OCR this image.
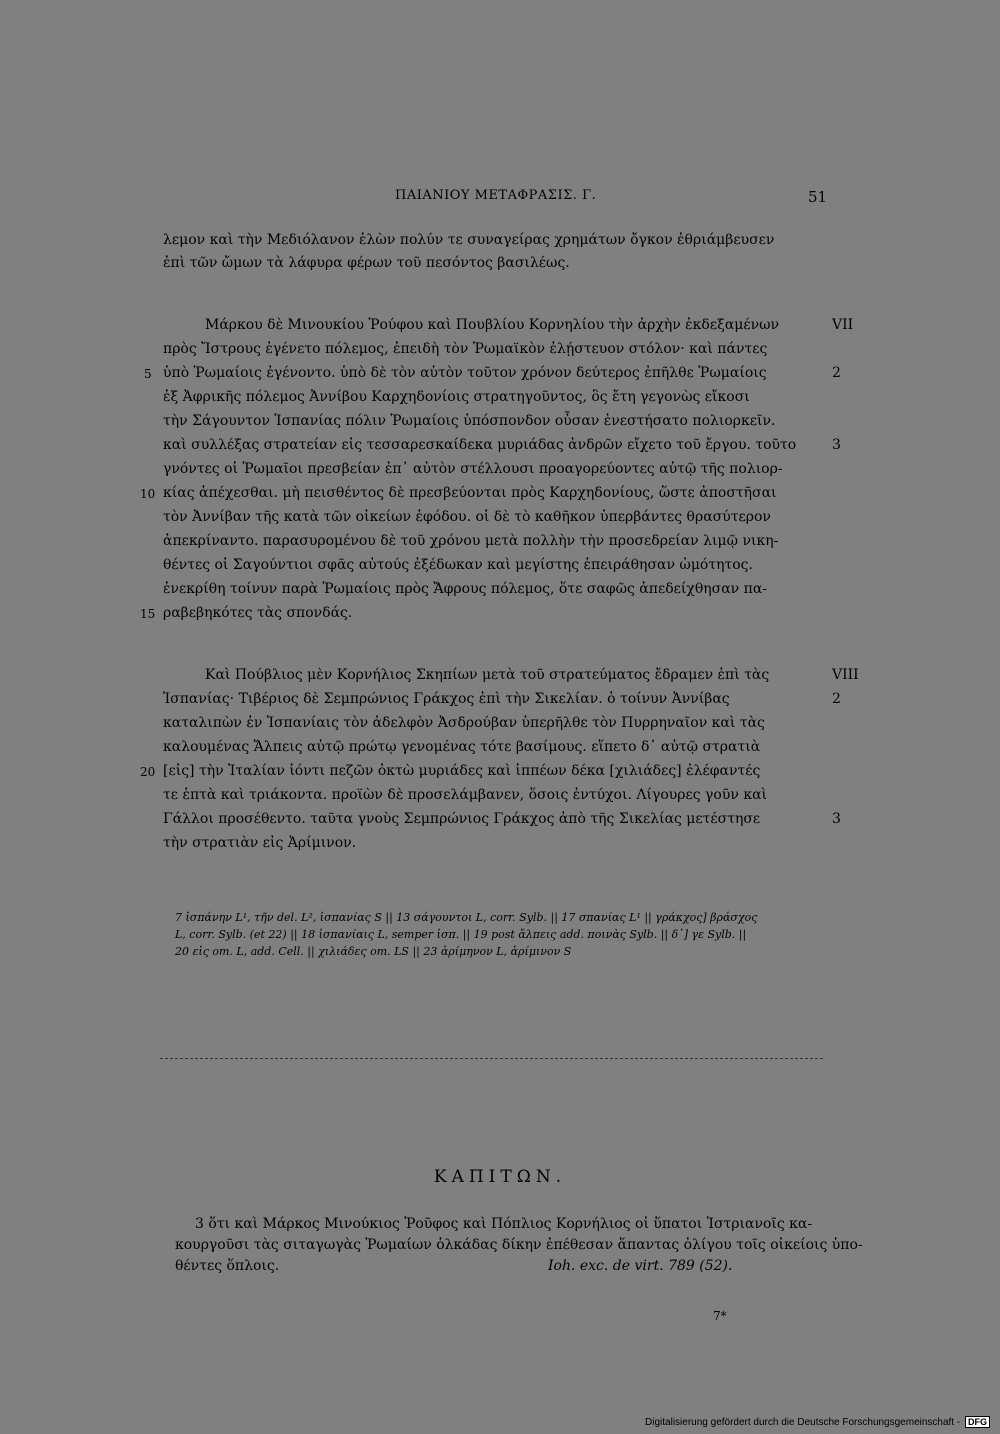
ΠΑΙΑΝΙΟΥ ΜΕΤΑΦΡΑΣΙΣ. Γ.	51
λεμον καὶ τὴν Μεδιόλανον ἑλὼν πολύν τε συναγείρας χρημάτων ὄγκον ἐθριάμβευσεν
ἐπὶ τῶν ὤμων τὰ λάφυρα φέρων τοῦ πεσόντος βασιλέως.
Μάρκου δὲ Μινουκίου Ῥούφου καὶ Πουβλίου Κορνηλίου τὴν ἀρχὴν ἐκδεξαμένων
πρὸς Ἴστρους ἐγένετο πόλεμος, ἐπειδὴ τὸν Ῥωμαϊκὸν ἐλῄστευον στόλον· καὶ πάντες
ὑπὸ Ῥωμαίοις ἐγένοντο. ὑπὸ δὲ τὸν αὐτὸν τοῦτον χρόνον δεύτερος ἐπῆλθε Ῥωμαίοις
ἐξ Ἀφρικῆς πόλεμος Ἀννίβου Καρχηδονίοις στρατηγοῦντος, ὃς ἔτη γεγονὼς εἴκοσι
τὴν Σάγουντον Ἱσπανίας πόλιν Ῥωμαίοις ὑπόσπονδον οὖσαν ἐνεστήσατο πολιορκεῖν.
καὶ συλλέξας στρατείαν εἰς τεσσαρεσκαίδεκα μυριάδας ἀνδρῶν εἴχετο τοῦ ἔργου. τοῦτο
γνόντες οἱ Ῥωμαῖοι πρεσβείαν ἐπ᾽ αὐτὸν στέλλουσι προαγορεύοντες αὐτῷ τῆς πολιορ-
κίας ἀπέχεσθαι. μὴ πεισθέντος δὲ πρεσβεύονται πρὸς Καρχηδονίους, ὥστε ἀποστῆσαι
τὸν Ἀννίβαν τῆς κατὰ τῶν οἰκείων ἐφόδου. οἱ δὲ τὸ καθῆκον ὑπερβάντες θρασύτερον
ἀπεκρίναντο. παρασυρομένου δὲ τοῦ χρόνου μετὰ πολλὴν τὴν προσεδρείαν λιμῷ νικη-
θέντες οἱ Σαγούντιοι σφᾶς αὐτούς ἐξέδωκαν καὶ μεγίστης ἐπειράθησαν ὠμότητος.
ἐνεκρίθη τοίνυν παρὰ Ῥωμαίοις πρὸς Ἄφρους πόλεμος, ὅτε σαφῶς ἀπεδείχθησαν πα-
ραβεβηκότες τὰς σπονδάς.
Καὶ Πούβλιος μὲν Κορνήλιος Σκηπίων μετὰ τοῦ στρατεύματος ἔδραμεν ἐπὶ τὰς
Ἱσπανίας· Τιβέριος δὲ Σεμπρώνιος Γράκχος ἐπὶ τὴν Σικελίαν. ὁ τοίνυν Ἀννίβας
καταλιπὼν ἐν Ἱσπανίαις τὸν ἀδελφὸν Ἀσδρούβαν ὑπερῆλθε τὸν Πυρρηναῖον καὶ τὰς
καλουμένας Ἄλπεις αὐτῷ πρώτῳ γενομένας τότε βασίμους. εἵπετο δ᾽ αὐτῷ στρατιὰ
[εἰς] τὴν Ἰταλίαν ἰόντι πεζῶν ὀκτὼ μυριάδες καὶ ἱππέων δέκα [χιλιάδες] ἐλέφαντές
τε ἑπτὰ καὶ τριάκοντα. προϊὼν δὲ προσελάμβανεν, ὅσοις ἐντύχοι. Λίγουρες γοῦν καὶ
Γάλλοι προσέθεντο. ταῦτα γνοὺς Σεμπρώνιος Γράκχος ἀπὸ τῆς Σικελίας μετέστησε
τὴν στρατιὰν εἰς Ἀρίμινον.
5
10
15
20
VII
2
3
VIII
2
3
7 ἰσπάνην L¹, τῆν del. L², ἰσπανίας S || 13 σάγουντοι L, corr. Sylb. || 17 σπανίας L¹ || γράκχος] βράσχος
L, corr. Sylb. (et 22) || 18 ἰσπανίαις L, semper ἰσπ. || 19 post ἄλπεις add. ποινὰς Sylb. || δ᾽] γε Sylb. ||
20 εἰς om. L, add. Cell. || χιλιάδες om. LS || 23 ἀρίμηνον L, ἀρίμινον S
ΚΑΠΙΤΩΝ.
3 ὅτι καὶ Μάρκος Μινούκιος Ῥοῦφος καὶ Πόπλιος Κορνήλιος οἱ ὕπατοι Ἰστριανοῖς κα-
κουργοῦσι τὰς σιταγωγὰς Ῥωμαίων ὁλκάδας δίκην ἐπέθεσαν ἅπαντας ὀλίγου τοῖς οἰκείοις ὑπο-
θέντες ὅπλοις.	Ioh. exc. de virt. 789 (52).
7*
Digitalisierung gefördert durch die Deutsche Forschungsgemeinschaft - DFG
